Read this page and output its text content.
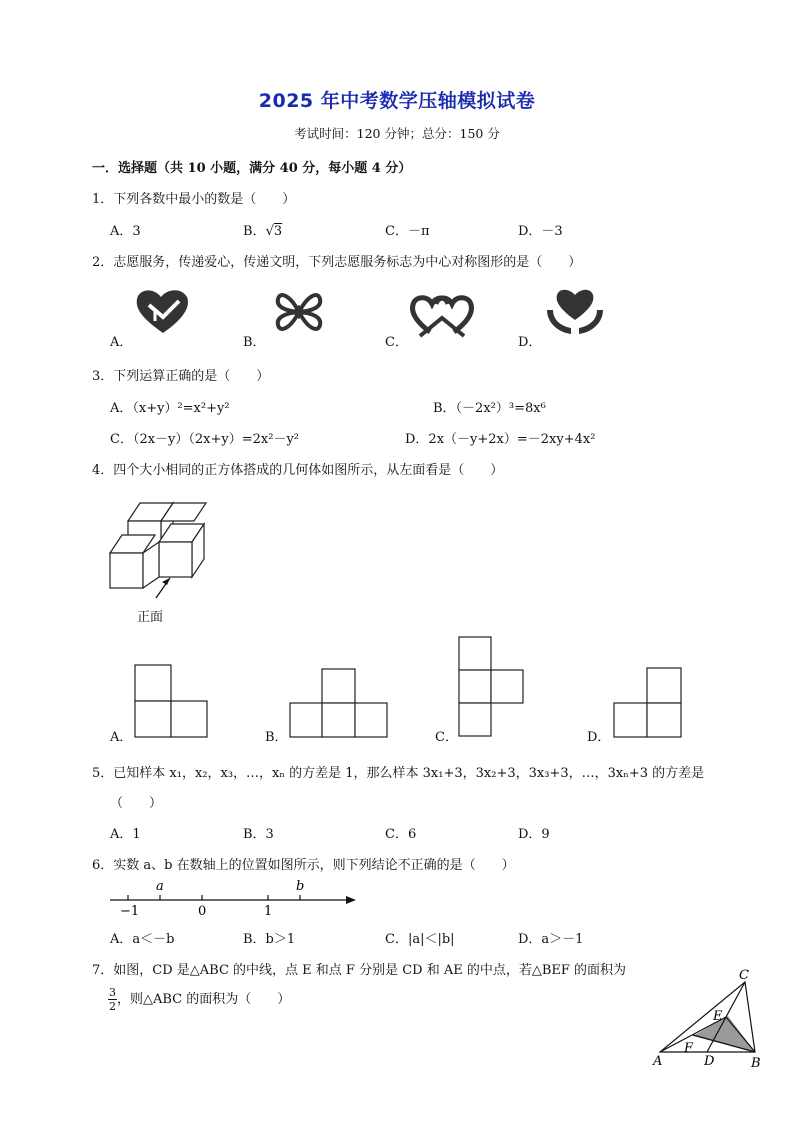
2025 年中考数学压轴模拟试卷
考试时间：120 分钟；总分：150 分
一．选择题（共 10 小题，满分 40 分，每小题 4 分）
1．下列各数中最小的数是（　　）
A．3	B．√3	C．－π	D．－3
2．志愿服务，传递爱心，传递文明，下列志愿服务标志为中心对称图形的是（　　）
A．	B．	C．	D．
3．下列运算正确的是（　　）
A．（x+y）²=x²+y²	B．（－2x²）³=8x⁶
C．（2x－y）（2x+y）=2x²－y²	D．2x（－y+2x）=－2xy+4x²
4．四个大小相同的正方体搭成的几何体如图所示，从左面看是（　　）
正面
A．	B．	C．	D．
5．已知样本 x₁，x₂，x₃，…，xₙ 的方差是 1，那么样本 3x₁+3，3x₂+3，3x₃+3，…，3xₙ+3 的方差是
（　　）
A．1	B．3	C．6	D．9
6．实数 a、b 在数轴上的位置如图所示，则下列结论不正确的是（　　）
−1	0	1
a	b
A．a＜－b	B．b＞1	C．|a|＜|b|	D．a＞－1
7．如图，CD 是△ABC 的中线，点 E 和点 F 分别是 CD 和 AE 的中点，若△BEF 的面积为
$\frac{3}{2}$ ，则△ABC 的面积为（　　）
A	B
C
D
E
F
